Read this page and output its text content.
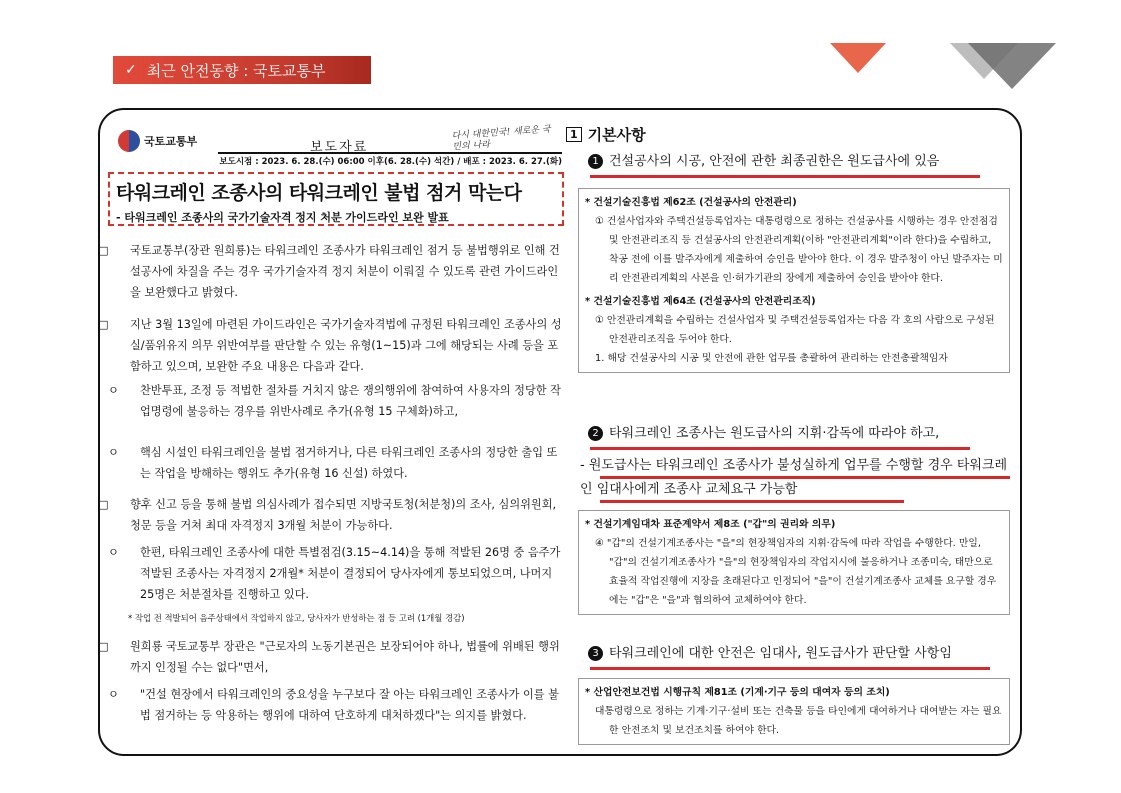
✓ 최근 안전동향 : 국토교통부
국토교통부	보도자료
다시 대한민국! 새로운 국민의 나라
보도시점 : 2023. 6. 28.(수) 06:00 이후(6. 28.(수) 석간) / 배포 : 2023. 6. 27.(화)
타워크레인 조종사의 타워크레인 불법 점거 막는다
- 타워크레인 조종사의 국가기술자격 정지 처분 가이드라인 보완 발표
□ 국토교통부(장관 원희룡)는 타워크레인 조종사가 타워크레인 점거 등 불법행위로 인해 건설공사에 차질을 주는 경우 국가기술자격 정지 처분이 이뤄질 수 있도록 관련 가이드라인을 보완했다고 밝혔다.
□ 지난 3월 13일에 마련된 가이드라인은 국가기술자격법에 규정된 타워크레인 조종사의 성실/품위유지 의무 위반여부를 판단할 수 있는 유형(1~15)과 그에 해당되는 사례 등을 포함하고 있으며, 보완한 주요 내용은 다음과 같다.
ㅇ 찬반투표, 조정 등 적법한 절차를 거치지 않은 쟁의행위에 참여하여 사용자의 정당한 작업명령에 불응하는 경우를 위반사례로 추가(유형 15 구체화)하고,
ㅇ 핵심 시설인 타워크레인을 불법 점거하거나, 다른 타워크레인 조종사의 정당한 출입 또는 작업을 방해하는 행위도 추가(유형 16 신설) 하였다.
□ 향후 신고 등을 통해 불법 의심사례가 접수되면 지방국토청(처분청)의 조사, 심의위원회, 청문 등을 거쳐 최대 자격정지 3개월 처분이 가능하다.
ㅇ 한편, 타워크레인 조종사에 대한 특별점검(3.15~4.14)을 통해 적발된 26명 중 음주가 적발된 조종사는 자격정지 2개월* 처분이 결정되어 당사자에게 통보되었으며, 나머지 25명은 처분절차를 진행하고 있다.
* 작업 전 적발되어 음주상태에서 작업하지 않고, 당사자가 반성하는 점 등 고려 (1개월 경감)
□ 원희룡 국토교통부 장관은 "근로자의 노동기본권은 보장되어야 하나, 법률에 위배된 행위까지 인정될 수는 없다"면서,
ㅇ "건설 현장에서 타워크레인의 중요성을 누구보다 잘 아는 타워크레인 조종사가 이를 불법 점거하는 등 악용하는 행위에 대하여 단호하게 대처하겠다"는 의지를 밝혔다.
1 기본사항
1 건설공사의 시공, 안전에 관한 최종권한은 원도급사에 있음
* 건설기술진흥법 제62조 (건설공사의 안전관리)
① 건설사업자와 주택건설등록업자는 대통령령으로 정하는 건설공사를 시행하는 경우 안전점검 및 안전관리조직 등 건설공사의 안전관리계획(이하 "안전관리계획"이라 한다)을 수립하고, 착공 전에 이를 발주자에게 제출하여 승인을 받아야 한다. 이 경우 발주청이 아닌 발주자는 미리 안전관리계획의 사본을 인·허가기관의 장에게 제출하여 승인을 받아야 한다.
* 건설기술진흥법 제64조 (건설공사의 안전관리조직)
① 안전관리계획을 수립하는 건설사업자 및 주택건설등록업자는 다음 각 호의 사람으로 구성된 안전관리조직을 두어야 한다.
1. 해당 건설공사의 시공 및 안전에 관한 업무를 총괄하여 관리하는 안전총괄책임자
2 타워크레인 조종사는 원도급사의 지휘·감독에 따라야 하고,
- 원도급사는 타워크레인 조종사가 불성실하게 업무를 수행할 경우 타워크레인 임대사에게 조종사 교체요구 가능함
* 건설기계임대차 표준계약서 제8조 ("갑"의 권리와 의무)
④ "갑"의 건설기계조종사는 "을"의 현장책임자의 지휘·감독에 따라 작업을 수행한다. 만일, "갑"의 건설기계조종사가 "을"의 현장책임자의 작업지시에 불응하거나 조종미숙, 태만으로 효율적 작업진행에 지장을 초래된다고 인정되어 "을"이 건설기계조종사 교체를 요구할 경우에는 "갑"은 "을"과 협의하여 교체하여야 한다.
3 타워크레인에 대한 안전은 임대사, 원도급사가 판단할 사항임
* 산업안전보건법 시행규칙 제81조 (기계·기구 등의 대여자 등의 조치)
대통령령으로 정하는 기계·기구·설비 또는 건축물 등을 타인에게 대여하거나 대여받는 자는 필요한 안전조치 및 보건조치를 하여야 한다.
